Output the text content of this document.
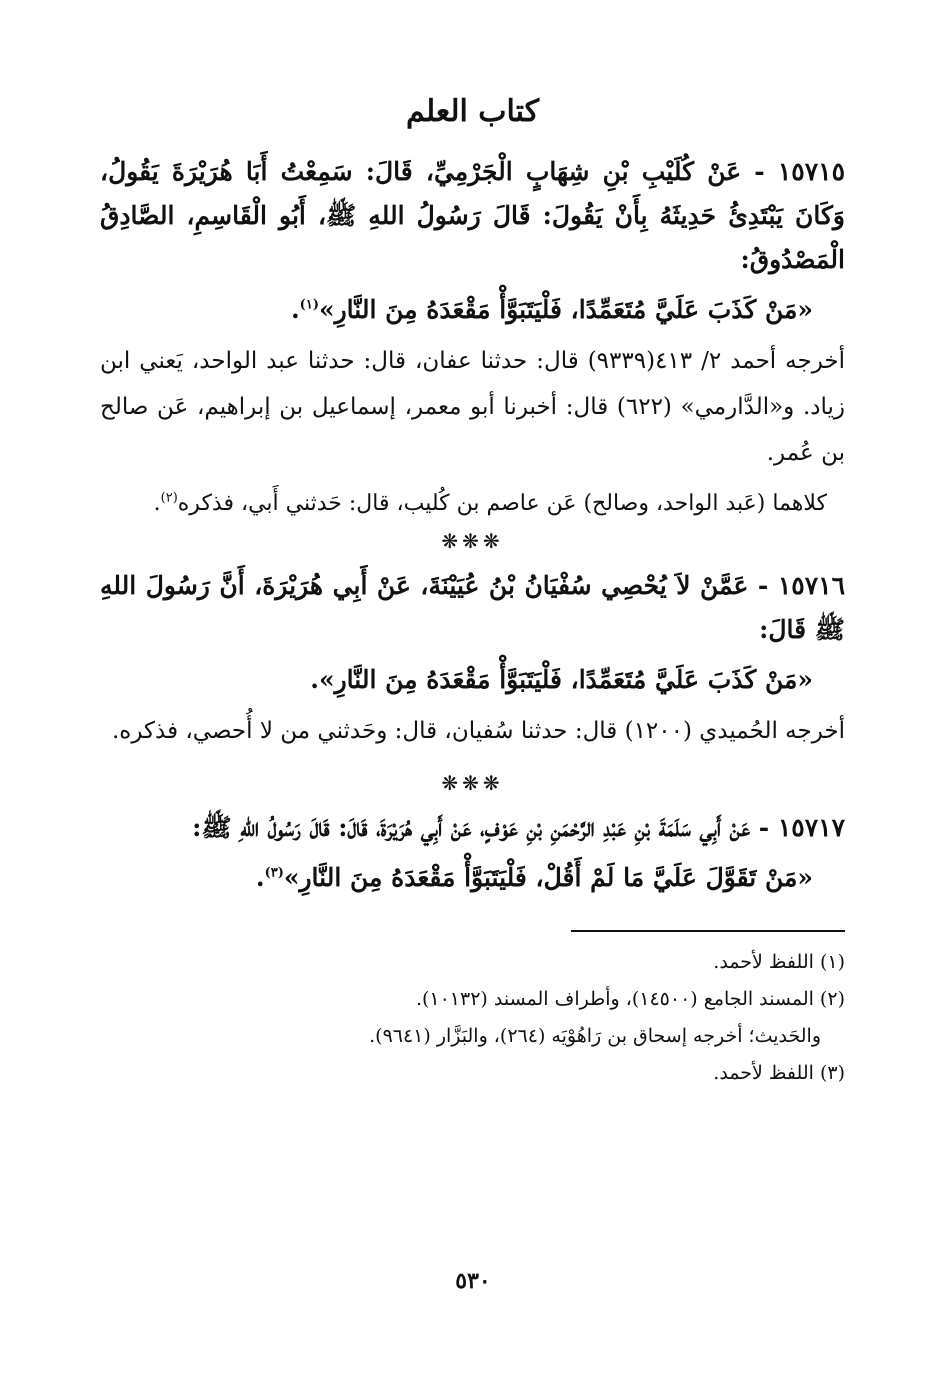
كتاب العلم

١٥٧١٥ - عَنْ كُلَيْبِ بْنِ شِهَابٍ الْجَرْمِيِّ، قَالَ: سَمِعْتُ أَبَا هُرَيْرَةَ يَقُولُ، وَكَانَ يَبْتَدِئُ حَدِيثَهُ بِأَنْ يَقُولَ: قَالَ رَسُولُ اللهِ ﷺ، أَبُو الْقَاسِمِ، الصَّادِقُ الْمَصْدُوقُ:

«مَنْ كَذَبَ عَلَيَّ مُتَعَمِّدًا، فَلْيَتَبَوَّأْ مَقْعَدَهُ مِنَ النَّارِ»$^{(١)}$.

أخرجه أحمد ٢/ ٤١٣(٩٣٣٩) قال: حدثنا عفان، قال: حدثنا عبد الواحد، يَعني ابن زياد. و«الدَّارمي» (٦٢٢) قال: أخبرنا أبو معمر، إسماعيل بن إبراهيم، عَن صالح بن عُمر.

كلاهما (عَبد الواحد، وصالح) عَن عاصم بن كُليب، قال: حَدثني أَبي، فذكره$^{(٢)}$.

❋❋❋

١٥٧١٦ - عَمَّنْ لاَ يُحْصِي سُفْيَانُ بْنُ عُيَيْنَةَ، عَنْ أَبِي هُرَيْرَةَ، أَنَّ رَسُولَ اللهِ ﷺ قَالَ:

«مَنْ كَذَبَ عَلَيَّ مُتَعَمِّدًا، فَلْيَتَبَوَّأْ مَقْعَدَهُ مِنَ النَّارِ».

أخرجه الحُميدي (١٢٠٠) قال: حدثنا سُفيان، قال: وحَدثني من لا أُحصي، فذكره.

❋❋❋

١٥٧١٧ - عَنْ أَبِي سَلَمَةَ بْنِ عَبْدِ الرَّحْمَنِ بْنِ عَوْفٍ، عَنْ أَبِي هُرَيْرَةَ، قَالَ: قَالَ رَسُولُ اللهِ ﷺ:

«مَنْ تَقَوَّلَ عَلَيَّ مَا لَمْ أَقُلْ، فَلْيَتَبَوَّأْ مَقْعَدَهُ مِنَ النَّارِ»$^{(٣)}$.

(١) اللفظ لأحمد.

(٢) المسند الجامع (١٤٥٠٠)، وأطراف المسند (١٠١٣٢).

والحَديث؛ أخرجه إسحاق بن رَاهُوْيَه (٢٦٤)، والبَزَّار (٩٦٤١).

(٣) اللفظ لأحمد.

٥٣٠
